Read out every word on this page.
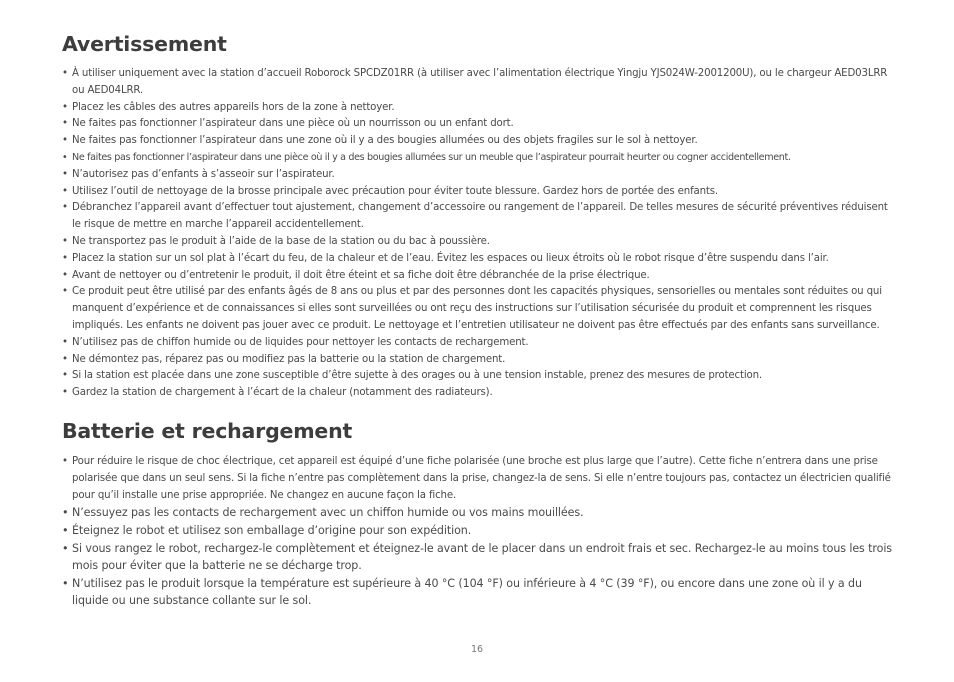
Avertissement
• À utiliser uniquement avec la station d’accueil Roborock SPCDZ01RR (à utiliser avec l’alimentation électrique Yingju YJS024W-2001200U), ou le chargeur AED03LRR ou AED04LRR.
• Placez les câbles des autres appareils hors de la zone à nettoyer.
• Ne faites pas fonctionner l’aspirateur dans une pièce où un nourrisson ou un enfant dort.
• Ne faites pas fonctionner l’aspirateur dans une zone où il y a des bougies allumées ou des objets fragiles sur le sol à nettoyer.
• Ne faites pas fonctionner l’aspirateur dans une pièce où il y a des bougies allumées sur un meuble que l’aspirateur pourrait heurter ou cogner accidentellement.
• N’autorisez pas d’enfants à s’asseoir sur l’aspirateur.
• Utilisez l’outil de nettoyage de la brosse principale avec précaution pour éviter toute blessure. Gardez hors de portée des enfants.
• Débranchez l’appareil avant d’effectuer tout ajustement, changement d’accessoire ou rangement de l’appareil. De telles mesures de sécurité préventives réduisent le risque de mettre en marche l’appareil accidentellement.
• Ne transportez pas le produit à l’aide de la base de la station ou du bac à poussière.
• Placez la station sur un sol plat à l’écart du feu, de la chaleur et de l’eau. Évitez les espaces ou lieux étroits où le robot risque d’être suspendu dans l’air.
• Avant de nettoyer ou d’entretenir le produit, il doit être éteint et sa fiche doit être débranchée de la prise électrique.
• Ce produit peut être utilisé par des enfants âgés de 8 ans ou plus et par des personnes dont les capacités physiques, sensorielles ou mentales sont réduites ou qui manquent d’expérience et de connaissances si elles sont surveillées ou ont reçu des instructions sur l’utilisation sécurisée du produit et comprennent les risques impliqués. Les enfants ne doivent pas jouer avec ce produit. Le nettoyage et l’entretien utilisateur ne doivent pas être effectués par des enfants sans surveillance.
• N’utilisez pas de chiffon humide ou de liquides pour nettoyer les contacts de rechargement.
• Ne démontez pas, réparez pas ou modifiez pas la batterie ou la station de chargement.
• Si la station est placée dans une zone susceptible d’être sujette à des orages ou à une tension instable, prenez des mesures de protection.
• Gardez la station de chargement à l’écart de la chaleur (notamment des radiateurs).
Batterie et rechargement
• Pour réduire le risque de choc électrique, cet appareil est équipé d’une fiche polarisée (une broche est plus large que l’autre). Cette fiche n’entrera dans une prise polarisée que dans un seul sens. Si la fiche n’entre pas complètement dans la prise, changez-la de sens. Si elle n’entre toujours pas, contactez un électricien qualifié pour qu’il installe une prise appropriée. Ne changez en aucune façon la fiche.
• N’essuyez pas les contacts de rechargement avec un chiffon humide ou vos mains mouillées.
• Éteignez le robot et utilisez son emballage d’origine pour son expédition.
• Si vous rangez le robot, rechargez-le complètement et éteignez-le avant de le placer dans un endroit frais et sec. Rechargez-le au moins tous les trois mois pour éviter que la batterie ne se décharge trop.
• N’utilisez pas le produit lorsque la température est supérieure à 40 °C (104 °F) ou inférieure à 4 °C (39 °F), ou encore dans une zone où il y a du liquide ou une substance collante sur le sol.
16
